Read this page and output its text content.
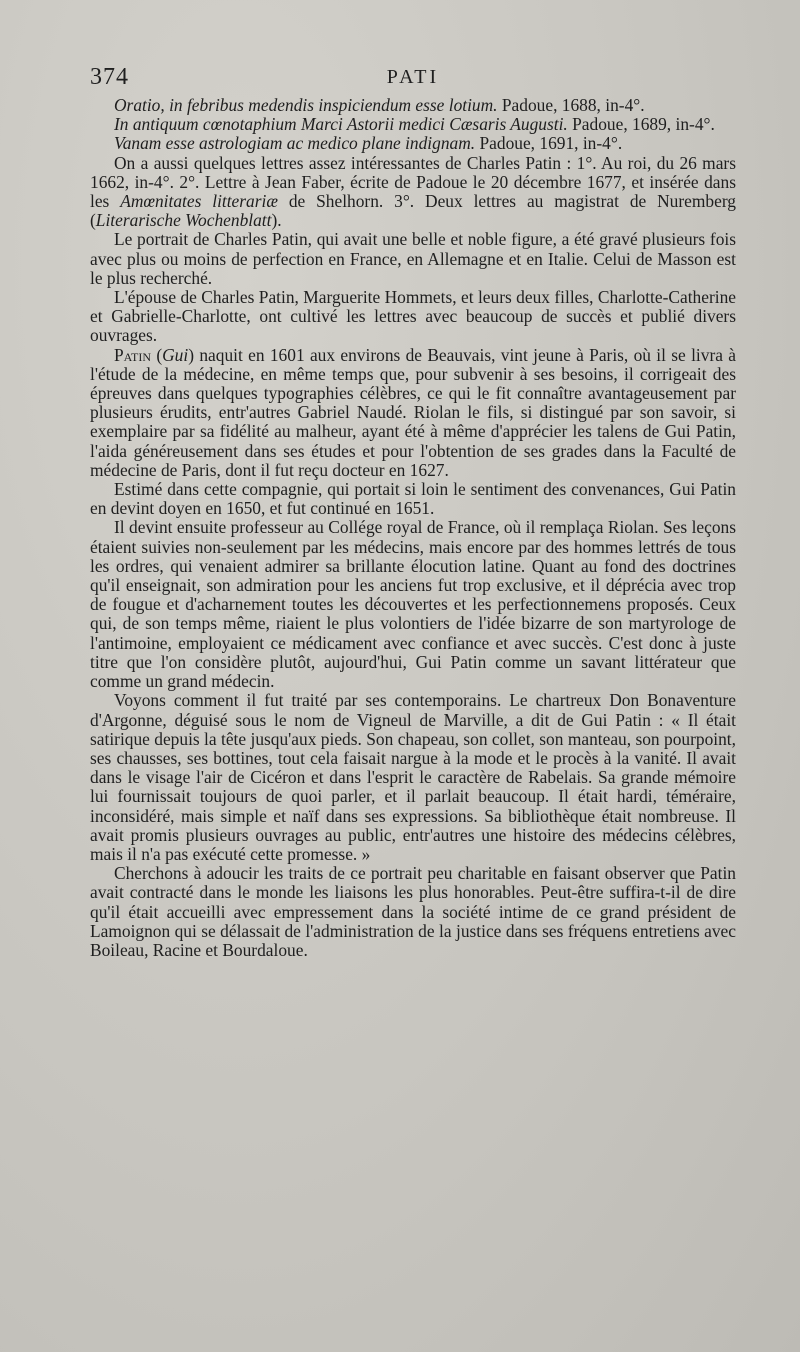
374	PATI

Oratio, in febribus medendis inspiciendum esse lotium. Padoue, 1688, in-4°.

In antiquum cœnotaphium Marci Astorii medici Cæsaris Augusti. Padoue, 1689, in-4°.

Vanam esse astrologiam ac medico plane indignam. Padoue, 1691, in-4°.

On a aussi quelques lettres assez intéressantes de Charles Patin : 1°. Au roi, du 26 mars 1662, in-4°. 2°. Lettre à Jean Faber, écrite de Padoue le 20 décembre 1677, et insérée dans les Amœnitates litterariæ de Shelhorn. 3°. Deux lettres au magistrat de Nuremberg (Literarische Wochenblatt).

Le portrait de Charles Patin, qui avait une belle et noble figure, a été gravé plusieurs fois avec plus ou moins de perfection en France, en Allemagne et en Italie. Celui de Masson est le plus recherché.

L'épouse de Charles Patin, Marguerite Hommets, et leurs deux filles, Charlotte-Catherine et Gabrielle-Charlotte, ont cultivé les lettres avec beaucoup de succès et publié divers ouvrages.

Patin (Gui) naquit en 1601 aux environs de Beauvais, vint jeune à Paris, où il se livra à l'étude de la médecine, en même temps que, pour subvenir à ses besoins, il corrigeait des épreuves dans quelques typographies célèbres, ce qui le fit connaître avantageusement par plusieurs érudits, entr'autres Gabriel Naudé. Riolan le fils, si distingué par son savoir, si exemplaire par sa fidélité au malheur, ayant été à même d'apprécier les talens de Gui Patin, l'aida généreusement dans ses études et pour l'obtention de ses grades dans la Faculté de médecine de Paris, dont il fut reçu docteur en 1627.

Estimé dans cette compagnie, qui portait si loin le sentiment des convenances, Gui Patin en devint doyen en 1650, et fut continué en 1651.

Il devint ensuite professeur au Collége royal de France, où il remplaça Riolan. Ses leçons étaient suivies non-seulement par les médecins, mais encore par des hommes lettrés de tous les ordres, qui venaient admirer sa brillante élocution latine. Quant au fond des doctrines qu'il enseignait, son admiration pour les anciens fut trop exclusive, et il déprécia avec trop de fougue et d'acharnement toutes les découvertes et les perfectionnemens proposés. Ceux qui, de son temps même, riaient le plus volontiers de l'idée bizarre de son martyrologe de l'antimoine, employaient ce médicament avec confiance et avec succès. C'est donc à juste titre que l'on considère plutôt, aujourd'hui, Gui Patin comme un savant littérateur que comme un grand médecin.

Voyons comment il fut traité par ses contemporains. Le chartreux Don Bonaventure d'Argonne, déguisé sous le nom de Vigneul de Marville, a dit de Gui Patin : « Il était satirique depuis la tête jusqu'aux pieds. Son chapeau, son collet, son manteau, son pourpoint, ses chausses, ses bottines, tout cela faisait nargue à la mode et le procès à la vanité. Il avait dans le visage l'air de Cicéron et dans l'esprit le caractère de Rabelais. Sa grande mémoire lui fournissait toujours de quoi parler, et il parlait beaucoup. Il était hardi, téméraire, inconsidéré, mais simple et naïf dans ses expressions. Sa bibliothèque était nombreuse. Il avait promis plusieurs ouvrages au public, entr'autres une histoire des médecins célèbres, mais il n'a pas exécuté cette promesse. »

Cherchons à adoucir les traits de ce portrait peu charitable en faisant observer que Patin avait contracté dans le monde les liaisons les plus honorables. Peut-être suffira-t-il de dire qu'il était accueilli avec empressement dans la société intime de ce grand président de Lamoignon qui se délassait de l'administration de la justice dans ses fréquens entretiens avec Boileau, Racine et Bourdaloue.
